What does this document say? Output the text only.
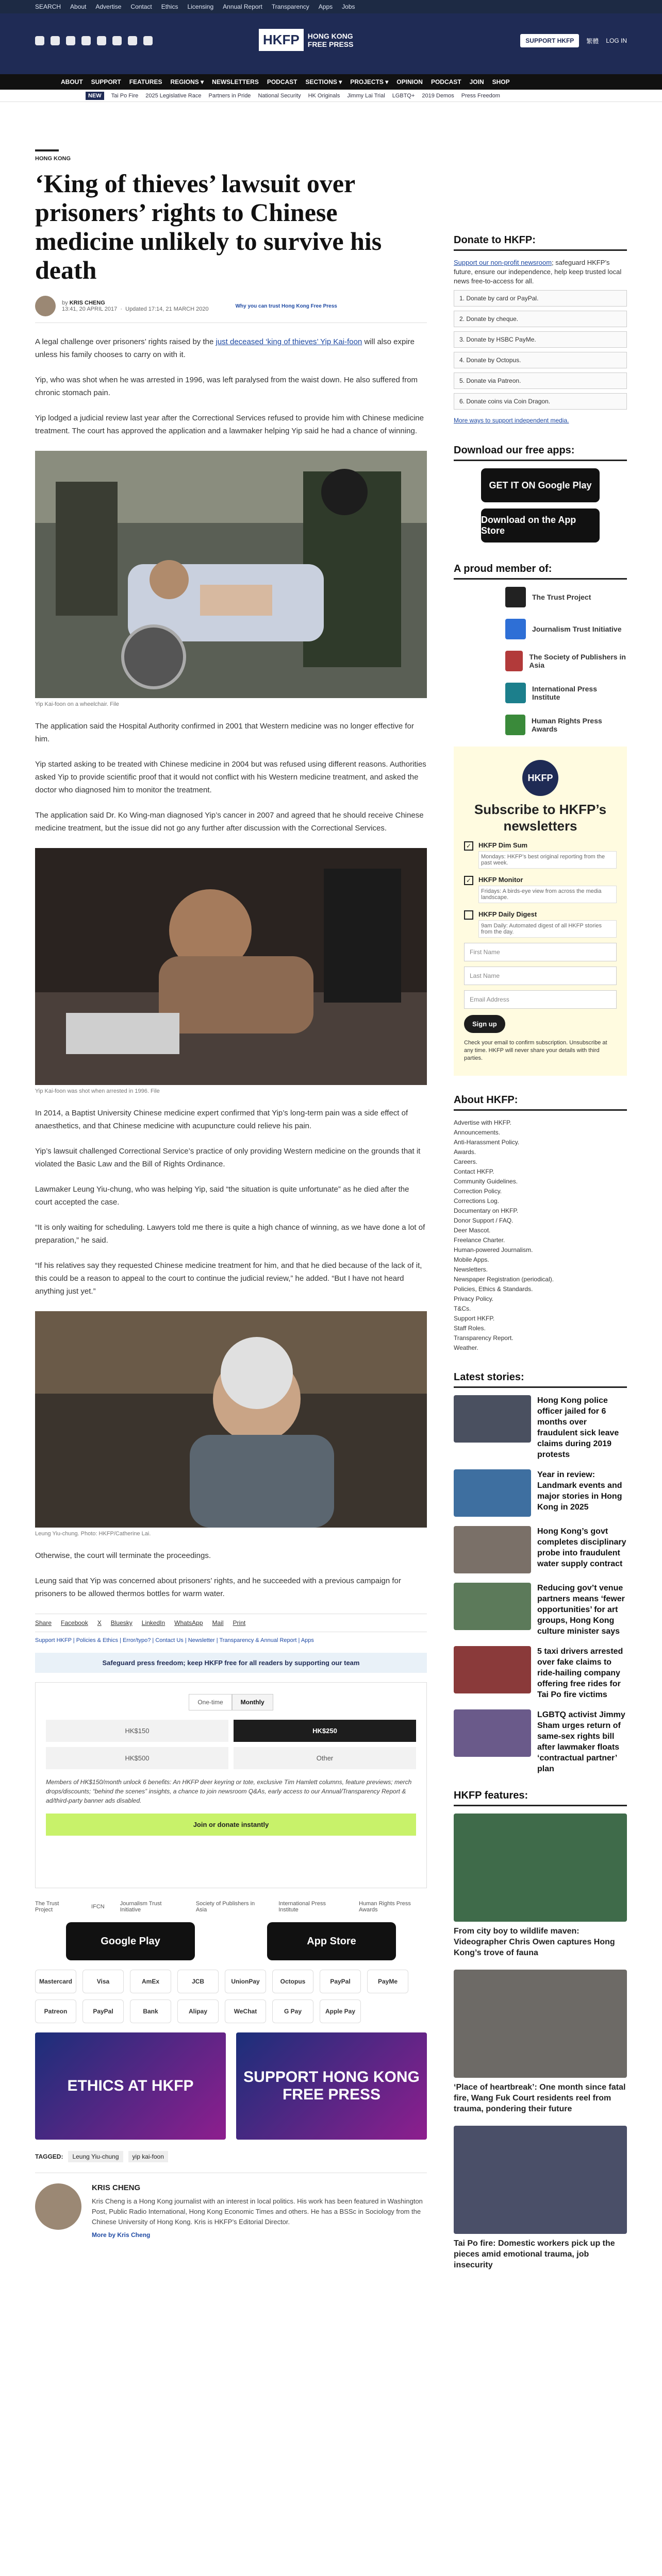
SEARCH About Advertise Contact Ethics Licensing Annual Report Transparency Apps Jobs
HKFP	HONG KONG FREE PRESS	SUPPORT HKFP	繁體 LOG IN
ABOUT SUPPORT FEATURES REGIONS ▾ NEWSLETTERS PODCAST SECTIONS ▾ PROJECTS ▾ OPINION PODCAST JOIN SHOP
NEW	Tai Po Fire 2025 Legislative Race Partners in Pride National Security HK Originals Jimmy Lai Trial LGBTQ+ 2019 Demos Press Freedom
HONG KONG
‘King of thieves’ lawsuit over prisoners’ rights to Chinese medicine unlikely to survive his death
by KRIS CHENG
13:41, 20 APRIL 2017  ·  Updated 17:14, 21 MARCH 2020	Why you can trust Hong Kong Free Press

A legal challenge over prisoners’ rights raised by the just deceased ‘king of thieves’ Yip Kai-foon will also expire unless his family chooses to carry on with it.

Yip, who was shot when he was arrested in 1996, was left paralysed from the waist down. He also suffered from chronic stomach pain.

Yip lodged a judicial review last year after the Correctional Services refused to provide him with Chinese medicine treatment. The court has approved the application and a lawmaker helping Yip said he had a chance of winning.

Yip Kai-foon on a wheelchair. File

The application said the Hospital Authority confirmed in 2001 that Western medicine was no longer effective for him.

Yip started asking to be treated with Chinese medicine in 2004 but was refused using different reasons. Authorities asked Yip to provide scientific proof that it would not conflict with his Western medicine treatment, and asked the doctor who diagnosed him to monitor the treatment.

The application said Dr. Ko Wing-man diagnosed Yip’s cancer in 2007 and agreed that he should receive Chinese medicine treatment, but the issue did not go any further after discussion with the Correctional Services.

Yip Kai-foon was shot when arrested in 1996. File

In 2014, a Baptist University Chinese medicine expert confirmed that Yip’s long-term pain was a side effect of anaesthetics, and that Chinese medicine with acupuncture could relieve his pain.

Yip’s lawsuit challenged Correctional Service’s practice of only providing Western medicine on the grounds that it violated the Basic Law and the Bill of Rights Ordinance.

Lawmaker Leung Yiu-chung, who was helping Yip, said “the situation is quite unfortunate” as he died after the court accepted the case.

“It is only waiting for scheduling. Lawyers told me there is quite a high chance of winning, as we have done a lot of preparation,” he said.

“If his relatives say they requested Chinese medicine treatment for him, and that he died because of the lack of it, this could be a reason to appeal to the court to continue the judicial review,” he added. “But I have not heard anything just yet.”

Leung Yiu-chung. Photo: HKFP/Catherine Lai.

Otherwise, the court will terminate the proceedings.

Leung said that Yip was concerned about prisoners’ rights, and he succeeded with a previous campaign for prisoners to be allowed thermos bottles for warm water.

Share Facebook X Bluesky LinkedIn WhatsApp Mail Print
Support HKFP | Policies & Ethics | Error/typo? | Contact Us | Newsletter | Transparency & Annual Report | Apps
Safeguard press freedom; keep HKFP free for all readers by supporting our team
One-time	Monthly
HK$150	HK$250
HK$500	Other
Members of HK$150/month unlock 6 benefits: An HKFP deer keyring or tote, exclusive Tim Hamlett columns, feature previews; merch drops/discounts; “behind the scenes” insights, a chance to join newsroom Q&As, early access to our Annual/Transparency Report & ad/third-party banner ads disabled.
Join or donate instantly
The Trust Project	IFCN	Journalism Trust Initiative
Society of Publishers in Asia
International Press Institute
Human Rights Press Awards
Google Play	App Store
Mastercard	Visa	AmEx	JCB	UnionPay	Octopus	PayPal	PayMe
Patreon	PayPal	Bank	Alipay	WeChat	G Pay	Apple Pay
ETHICS AT HKFP
SUPPORT HONG KONG FREE PRESS
TAGGED:	Leung Yiu-chung	yip kai-foon
KRIS CHENG

Kris Cheng is a Hong Kong journalist with an interest in local politics. His work has been featured in Washington Post, Public Radio International, Hong Kong Economic Times and others. He has a BSSc in Sociology from the Chinese University of Hong Kong. Kris is HKFP’s Editorial Director.

More by Kris Cheng
Donate to HKFP:

Support our non-profit newsroom; safeguard HKFP’s future, ensure our independence, help keep trusted local news free-to-access for all.

1. Donate by card or PayPal.
2. Donate by cheque.
3. Donate by HSBC PayMe.
4. Donate by Octopus.
5. Donate via Patreon.
6. Donate coins via Coin Dragon.
More ways to support independent media.
Download our free apps:
GET IT ON Google Play
Download on the App Store
A proud member of:
The Trust Project
Journalism Trust Initiative
The Society of Publishers in Asia
International Press Institute
Human Rights Press Awards
HKFP
Subscribe to HKFP’s newsletters
✓	HKFP Dim Sum
Mondays: HKFP’s best original reporting from the past week.
✓	HKFP Monitor
Fridays: A birds-eye view from across the media landscape.
HKFP Daily Digest
9am Daily: Automated digest of all HKFP stories from the day.
First Name
Last Name
Email Address
Sign up
Check your email to confirm subscription. Unsubscribe at any time. HKFP will never share your details with third parties.
About HKFP:
Advertise with HKFP.
Announcements.
Anti-Harassment Policy.
Awards.
Careers.
Contact HKFP.
Community Guidelines.
Correction Policy.
Corrections Log.
Documentary on HKFP.
Donor Support / FAQ.
Deer Mascot.
Freelance Charter.
Human-powered Journalism.
Mobile Apps.
Newsletters.
Newspaper Registration (periodical).
Policies, Ethics & Standards.
Privacy Policy.
T&Cs.
Support HKFP.
Staff Roles.
Transparency Report.
Weather.
Latest stories:
Hong Kong police officer jailed for 6 months over fraudulent sick leave claims during 2019 protests
Year in review: Landmark events and major stories in Hong Kong in 2025
Hong Kong’s govt completes disciplinary probe into fraudulent water supply contract
Reducing gov’t venue partners means ‘fewer opportunities’ for art groups, Hong Kong culture minister says
5 taxi drivers arrested over fake claims to ride-hailing company offering free rides for Tai Po fire victims
LGBTQ activist Jimmy Sham urges return of same-sex rights bill after lawmaker floats ‘contractual partner’ plan
HKFP features:
From city boy to wildlife maven: Videographer Chris Owen captures Hong Kong’s trove of fauna
‘Place of heartbreak’: One month since fatal fire, Wang Fuk Court residents reel from trauma, pondering their future
Tai Po fire: Domestic workers pick up the pieces amid emotional trauma, job insecurity
